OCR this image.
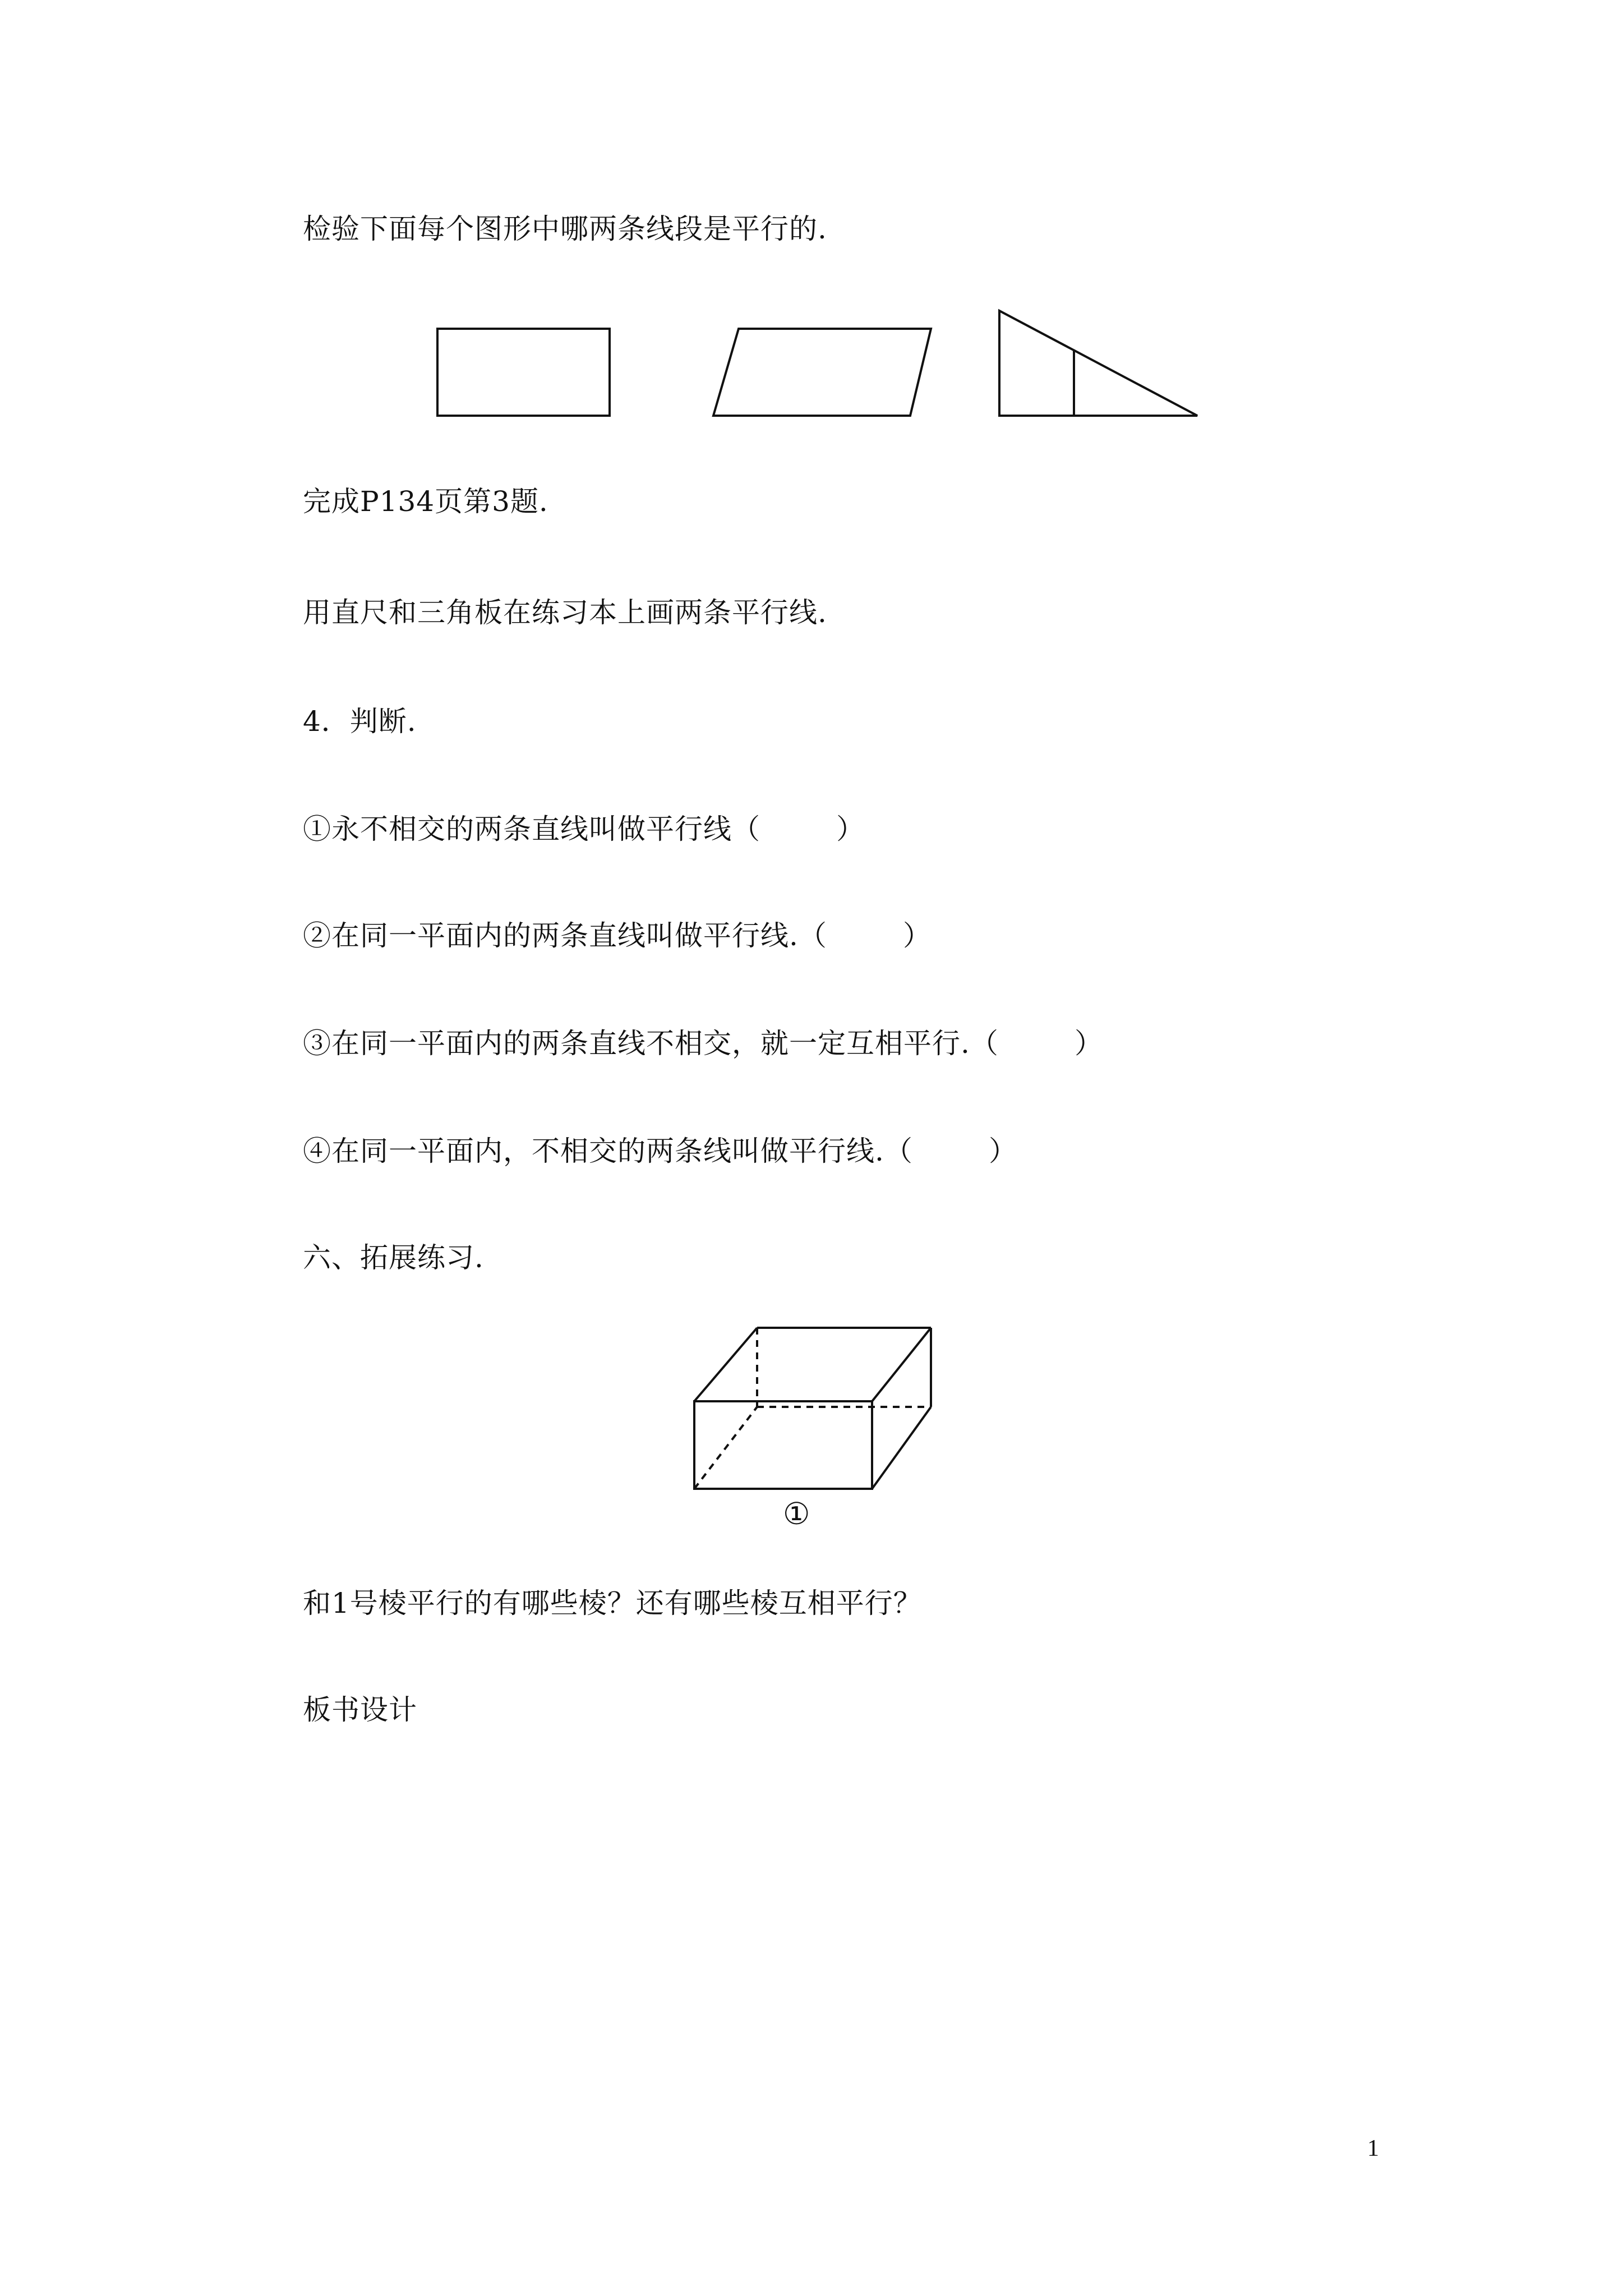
检验下面每个图形中哪两条线段是平行的.
完成P134页第3题.
用直尺和三角板在练习本上画两条平行线.
4．判断.
①永不相交的两条直线叫做平行线（        ）
②在同一平面内的两条直线叫做平行线.（        ）
③在同一平面内的两条直线不相交，就一定互相平行.（        ）
④在同一平面内，不相交的两条线叫做平行线.（        ）
六、拓展练习.
①
和1号棱平行的有哪些棱？还有哪些棱互相平行？
板书设计
1
